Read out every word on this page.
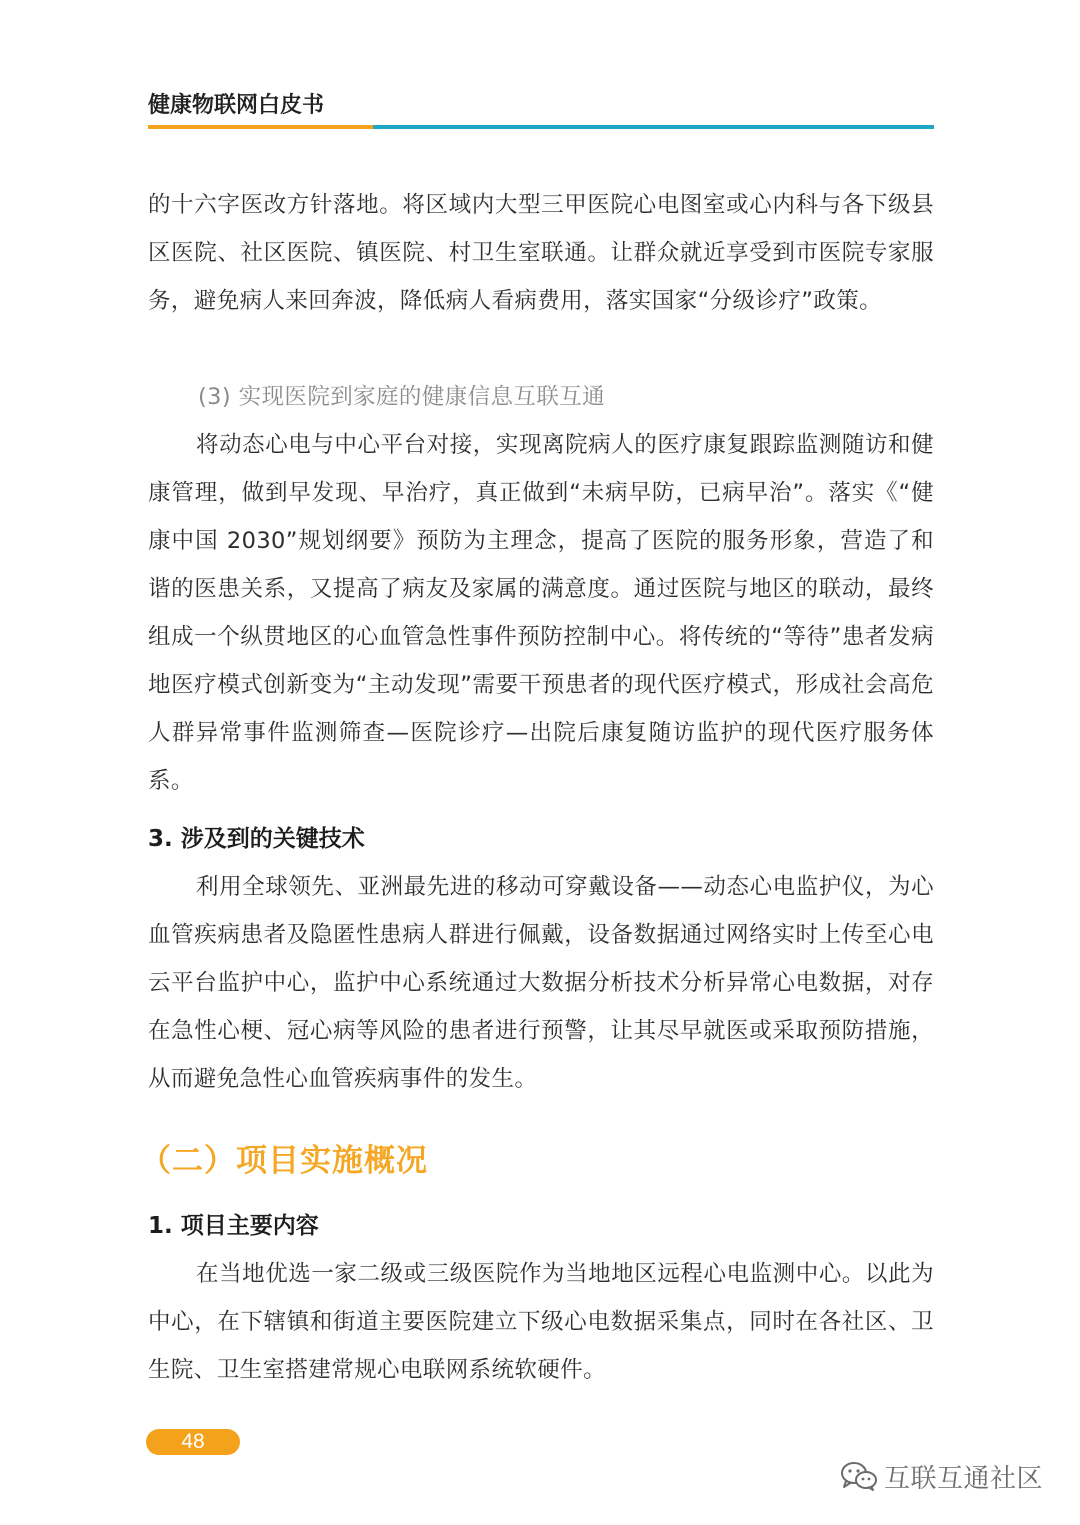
健康物联网白皮书

的十六字医改方针落地。将区域内大型三甲医院心电图室或心内科与各下级县区医院、社区医院、镇医院、村卫生室联通。让群众就近享受到市医院专家服务，避免病人来回奔波，降低病人看病费用，落实国家“分级诊疗”政策。

(3) 实现医院到家庭的健康信息互联互通

将动态心电与中心平台对接，实现离院病人的医疗康复跟踪监测随访和健康管理，做到早发现、早治疗，真正做到“未病早防，已病早治”。落实《“健康中国 2030”规划纲要》预防为主理念，提高了医院的服务形象，营造了和谐的医患关系，又提高了病友及家属的满意度。通过医院与地区的联动，最终组成一个纵贯地区的心血管急性事件预防控制中心。将传统的“等待”患者发病地医疗模式创新变为“主动发现”需要干预患者的现代医疗模式，形成社会高危人群异常事件监测筛查—医院诊疗—出院后康复随访监护的现代医疗服务体系。

3. 涉及到的关键技术

利用全球领先、亚洲最先进的移动可穿戴设备——动态心电监护仪，为心血管疾病患者及隐匿性患病人群进行佩戴，设备数据通过网络实时上传至心电云平台监护中心，监护中心系统通过大数据分析技术分析异常心电数据，对存在急性心梗、冠心病等风险的患者进行预警，让其尽早就医或采取预防措施，从而避免急性心血管疾病事件的发生。

（二）项目实施概况
1. 项目主要内容

在当地优选一家二级或三级医院作为当地地区远程心电监测中心。以此为中心，在下辖镇和街道主要医院建立下级心电数据采集点，同时在各社区、卫生院、卫生室搭建常规心电联网系统软硬件。

48
互联互通社区
